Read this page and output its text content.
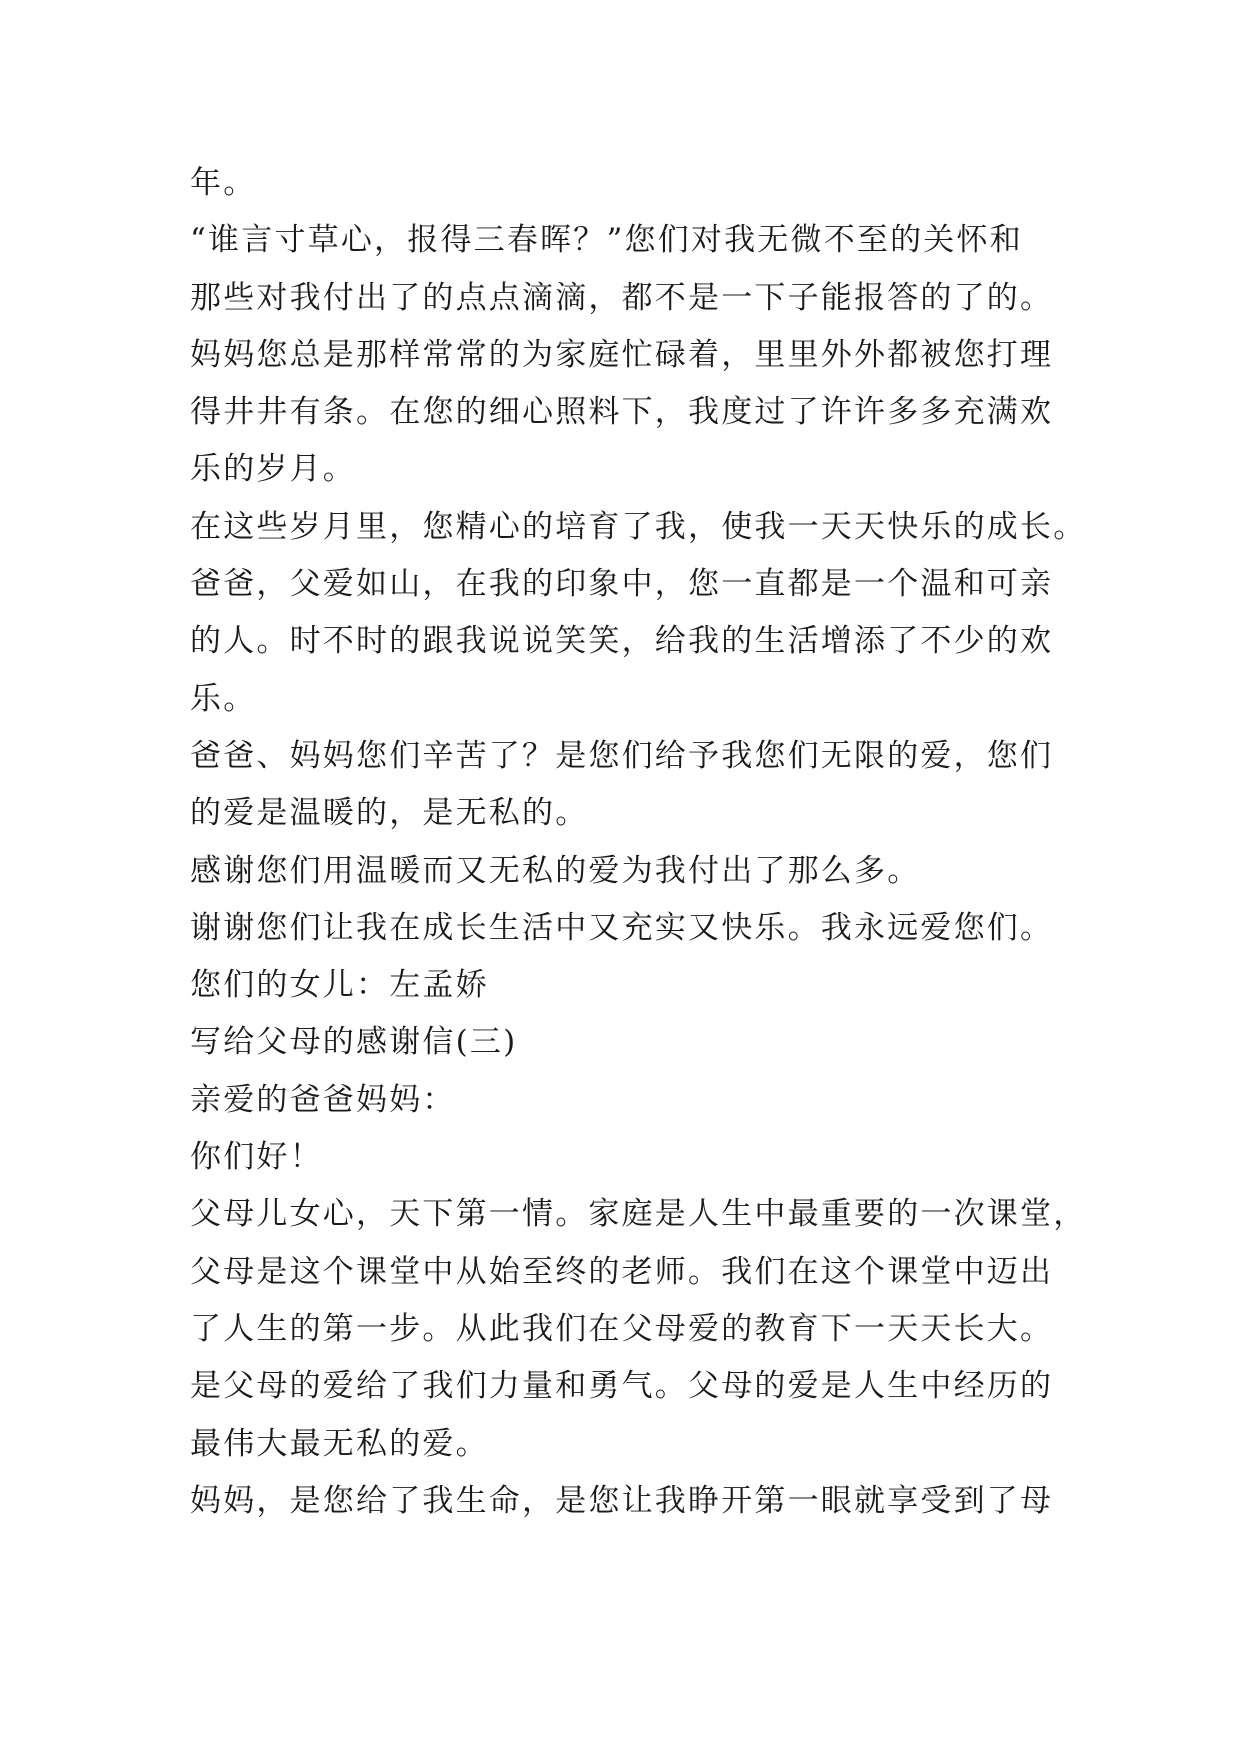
年。
“谁言寸草心，报得三春晖？”您们对我无微不至的关怀和
那些对我付出了的点点滴滴，都不是一下子能报答的了的。
妈妈您总是那样常常的为家庭忙碌着，里里外外都被您打理
得井井有条。在您的细心照料下，我度过了许许多多充满欢
乐的岁月。
在这些岁月里，您精心的培育了我，使我一天天快乐的成长。
爸爸，父爱如山，在我的印象中，您一直都是一个温和可亲
的人。时不时的跟我说说笑笑，给我的生活增添了不少的欢
乐。
爸爸、妈妈您们辛苦了？是您们给予我您们无限的爱，您们
的爱是温暖的，是无私的。
感谢您们用温暖而又无私的爱为我付出了那么多。
谢谢您们让我在成长生活中又充实又快乐。我永远爱您们。
您们的女儿：左孟娇
写给父母的感谢信(三)
亲爱的爸爸妈妈：
你们好！
父母儿女心，天下第一情。家庭是人生中最重要的一次课堂，
父母是这个课堂中从始至终的老师。我们在这个课堂中迈出
了人生的第一步。从此我们在父母爱的教育下一天天长大。
是父母的爱给了我们力量和勇气。父母的爱是人生中经历的
最伟大最无私的爱。
妈妈，是您给了我生命，是您让我睁开第一眼就享受到了母
